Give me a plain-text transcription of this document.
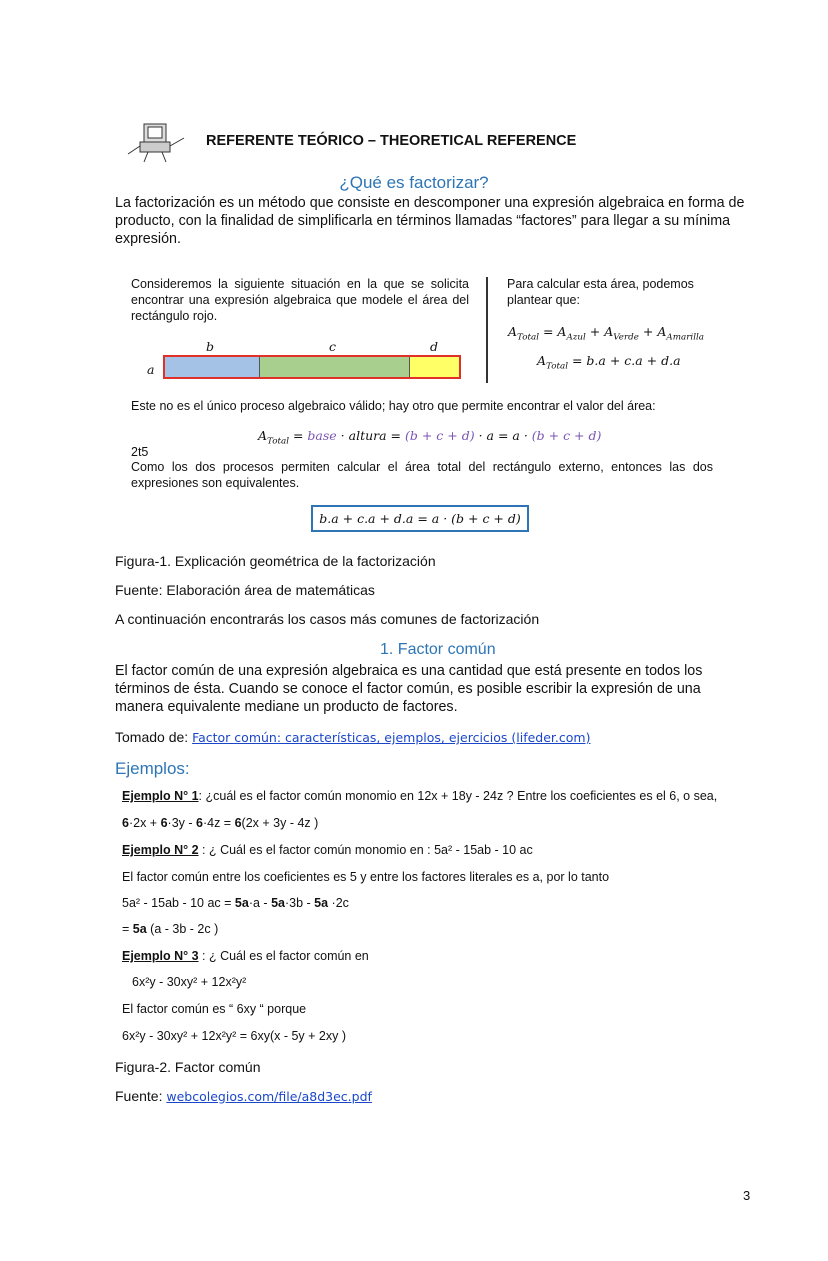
REFERENTE TEÓRICO – THEORETICAL REFERENCE
¿Qué es factorizar?
La factorización es un método que consiste en descomponer una expresión algebraica en forma de producto, con la finalidad de simplificarla en términos llamadas “factores” para llegar a su mínima expresión.
Consideremos la siguiente situación en la que se solicita encontrar una expresión algebraica que modele el área del rectángulo rojo.
b	c	d
a
Para calcular esta área, podemos plantear que:
$A_{Total} = A_{Azul} + A_{Verde} + A_{Amarilla}$
$A_{Total} = b.a + c.a + d.a$
Este no es el único proceso algebraico válido; hay otro que permite encontrar el valor del área:
$A_{Total}$ = base · altura = (b + c + d) · a = a · (b + c + d)
2t5
Como los dos procesos permiten calcular el área total del rectángulo externo, entonces las dos expresiones son equivalentes.
b.a + c.a + d.a = a · (b + c + d)
Figura-1. Explicación geométrica de la factorización
Fuente: Elaboración área de matemáticas
A continuación encontrarás los casos más comunes de factorización
1. Factor común
El factor común de una expresión algebraica es una cantidad que está presente en todos los términos de ésta. Cuando se conoce el factor común, es posible escribir la expresión de una manera equivalente mediane un producto de factores.
Tomado de: Factor común: características, ejemplos, ejercicios (lifeder.com)
Ejemplos:
Ejemplo N° 1: ¿cuál es el factor común monomio en 12x + 18y - 24z ? Entre los coeficientes es el 6, o sea,
6·2x + 6·3y - 6·4z = 6(2x + 3y - 4z )
Ejemplo N° 2 : ¿ Cuál es el factor común monomio en : 5a² - 15ab - 10 ac
El factor común entre los coeficientes es 5 y entre los factores literales es a, por lo tanto
5a² - 15ab - 10 ac = 5a·a - 5a·3b - 5a ·2c
= 5a (a - 3b - 2c )
Ejemplo N° 3 : ¿ Cuál es el factor común en
6x²y - 30xy² + 12x²y²
El factor común es “ 6xy “ porque
6x²y - 30xy² + 12x²y² = 6xy(x - 5y + 2xy )
Figura-2. Factor común
Fuente: webcolegios.com/file/a8d3ec.pdf
3
